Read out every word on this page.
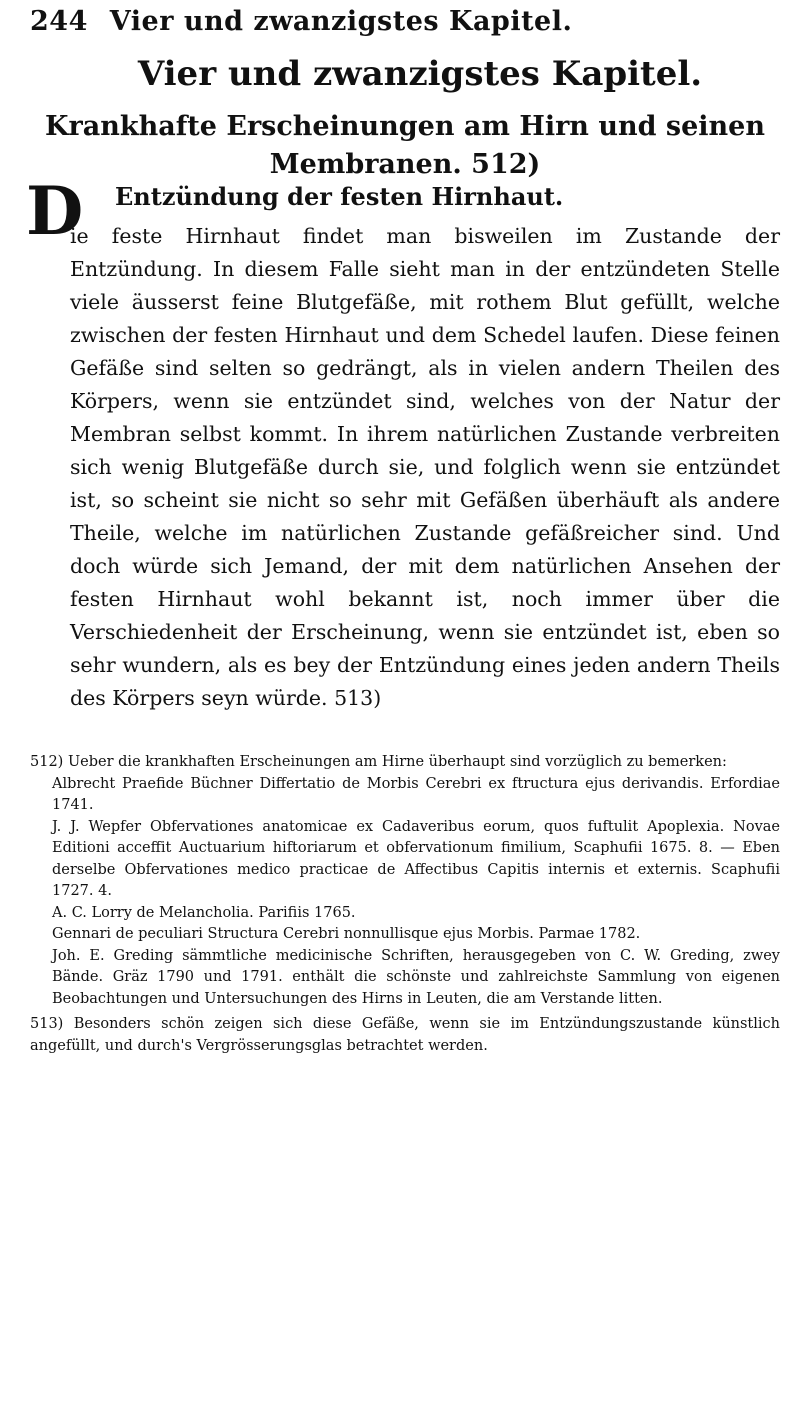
244 Vier und zwanzigstes Kapitel.
Vier und zwanzigstes Kapitel.
Krankhafte Erscheinungen am Hirn und seinen Membranen. 512)
Entzündung der festen Hirnhaut.
D
ie feste Hirnhaut findet man bisweilen im Zustande der Entzündung. In diesem Falle sieht man in der entzündeten Stelle viele äusserst feine Blutgefäße, mit rothem Blut gefüllt, welche zwischen der festen Hirnhaut und dem Schedel laufen. Diese feinen Gefäße sind selten so gedrängt, als in vielen andern Theilen des Körpers, wenn sie entzündet sind, welches von der Natur der Membran selbst kommt. In ihrem natürlichen Zustande verbreiten sich wenig Blutgefäße durch sie, und folglich wenn sie entzündet ist, so scheint sie nicht so sehr mit Gefäßen überhäuft als andere Theile, welche im natürlichen Zustande gefäßreicher sind. Und doch würde sich Jemand, der mit dem natürlichen Ansehen der festen Hirnhaut wohl bekannt ist, noch immer über die Verschiedenheit der Erscheinung, wenn sie entzündet ist, eben so sehr wundern, als es bey der Entzündung eines jeden andern Theils des Körpers seyn würde. 513)

512) Ueber die krankhaften Erscheinungen am Hirne überhaupt sind vorzüglich zu bemerken:

Albrecht Praefide Büchner Differtatio de Morbis Cerebri ex ftructura ejus derivandis. Erfordiae 1741.

J. J. Wepfer Obfervationes anatomicae ex Cadaveribus eorum, quos fuftulit Apoplexia. Novae Editioni acceffit Auctuarium hiftoriarum et obfervationum fimilium, Scaphufii 1675. 8. — Eben derselbe Obfervationes medico practicae de Affectibus Capitis internis et externis. Scaphufii 1727. 4.

A. C. Lorry de Melancholia. Parifiis 1765.

Gennari de peculiari Structura Cerebri nonnullisque ejus Morbis. Parmae 1782.

Joh. E. Greding sämmtliche medicinische Schriften, herausgegeben von C. W. Greding, zwey Bände. Gräz 1790 und 1791. enthält die schönste und zahlreichste Sammlung von eigenen Beobachtungen und Untersuchungen des Hirns in Leuten, die am Verstande litten.

513) Besonders schön zeigen sich diese Gefäße, wenn sie im Entzündungszustande künstlich angefüllt, und durch's Vergrösserungsglas betrachtet werden.
